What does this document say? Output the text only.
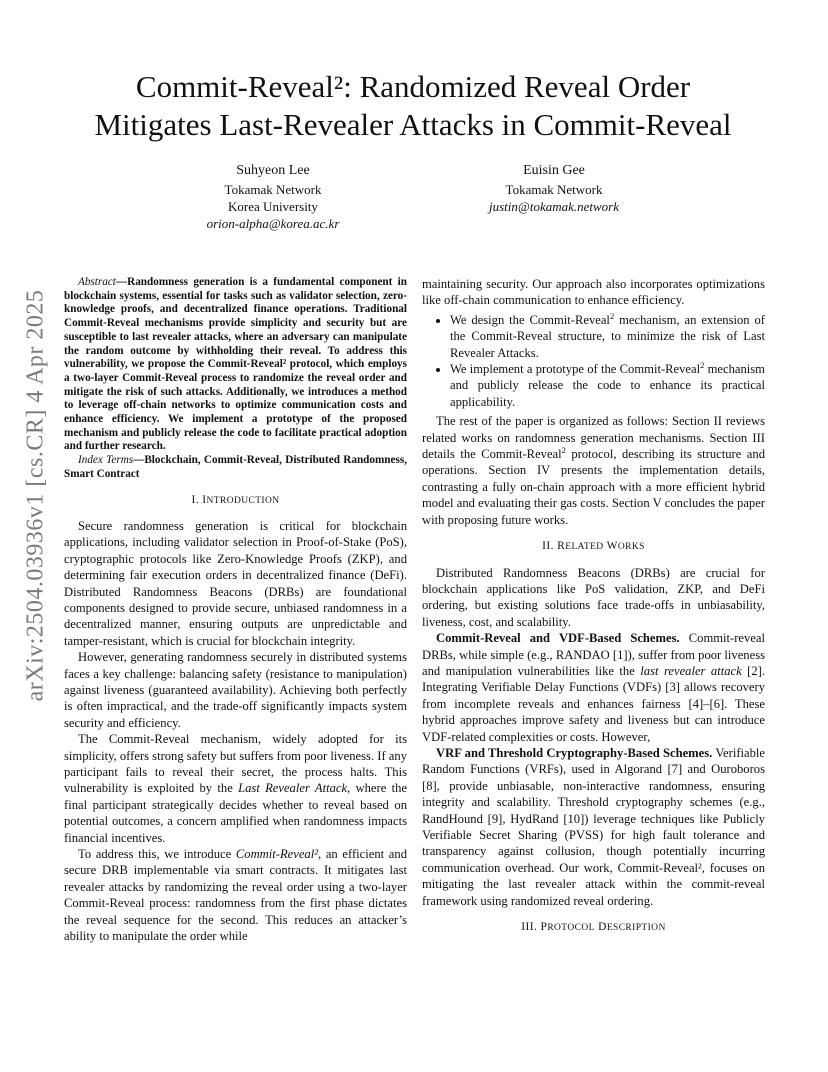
arXiv:2504.03936v1 [cs.CR] 4 Apr 2025
Commit-Reveal²: Randomized Reveal Order
Mitigates Last-Revealer Attacks in Commit-Reveal
Suhyeon Lee
Tokamak Network
Korea University
orion-alpha@korea.ac.kr
Euisin Gee
Tokamak Network
justin@tokamak.network

Abstract—Randomness generation is a fundamental component in blockchain systems, essential for tasks such as validator selection, zero-knowledge proofs, and decentralized finance operations. Traditional Commit-Reveal mechanisms provide simplicity and security but are susceptible to last revealer attacks, where an adversary can manipulate the random outcome by withholding their reveal. To address this vulnerability, we propose the Commit-Reveal² protocol, which employs a two-layer Commit-Reveal process to randomize the reveal order and mitigate the risk of such attacks. Additionally, we introduces a method to leverage off-chain networks to optimize communication costs and enhance efficiency. We implement a prototype of the proposed mechanism and publicly release the code to facilitate practical adoption and further research.

Index Terms—Blockchain, Commit-Reveal, Distributed Randomness, Smart Contract

I. INTRODUCTION

Secure randomness generation is critical for blockchain applications, including validator selection in Proof-of-Stake (PoS), cryptographic protocols like Zero-Knowledge Proofs (ZKP), and determining fair execution orders in decentralized finance (DeFi). Distributed Randomness Beacons (DRBs) are foundational components designed to provide secure, unbiased randomness in a decentralized manner, ensuring outputs are unpredictable and tamper-resistant, which is crucial for blockchain integrity.

However, generating randomness securely in distributed systems faces a key challenge: balancing safety (resistance to manipulation) against liveness (guaranteed availability). Achieving both perfectly is often impractical, and the trade-off significantly impacts system security and efficiency.

The Commit-Reveal mechanism, widely adopted for its simplicity, offers strong safety but suffers from poor liveness. If any participant fails to reveal their secret, the process halts. This vulnerability is exploited by the Last Revealer Attack, where the final participant strategically decides whether to reveal based on potential outcomes, a concern amplified when randomness impacts financial incentives.

To address this, we introduce Commit-Reveal², an efficient and secure DRB implementable via smart contracts. It mitigates last revealer attacks by randomizing the reveal order using a two-layer Commit-Reveal process: randomness from the first phase dictates the reveal sequence for the second. This reduces an attacker’s ability to manipulate the order while

maintaining security. Our approach also incorporates optimizations like off-chain communication to enhance efficiency.

• We design the Commit-Reveal$^2$ mechanism, an extension of the Commit-Reveal structure, to minimize the risk of Last Revealer Attacks.
• We implement a prototype of the Commit-Reveal$^2$ mechanism and publicly release the code to enhance its practical applicability.

The rest of the paper is organized as follows: Section II reviews related works on randomness generation mechanisms. Section III details the Commit-Reveal$^2$ protocol, describing its structure and operations. Section IV presents the implementation details, contrasting a fully on-chain approach with a more efficient hybrid model and evaluating their gas costs. Section V concludes the paper with proposing future works.

II. RELATED WORKS

Distributed Randomness Beacons (DRBs) are crucial for blockchain applications like PoS validation, ZKP, and DeFi ordering, but existing solutions face trade-offs in unbiasability, liveness, cost, and scalability.

Commit-Reveal and VDF-Based Schemes. Commit-reveal DRBs, while simple (e.g., RANDAO [1]), suffer from poor liveness and manipulation vulnerabilities like the last revealer attack [2]. Integrating Verifiable Delay Functions (VDFs) [3] allows recovery from incomplete reveals and enhances fairness [4]–[6]. These hybrid approaches improve safety and liveness but can introduce VDF-related complexities or costs. However,

VRF and Threshold Cryptography-Based Schemes. Verifiable Random Functions (VRFs), used in Algorand [7] and Ouroboros [8], provide unbiasable, non-interactive randomness, ensuring integrity and scalability. Threshold cryptography schemes (e.g., RandHound [9], HydRand [10]) leverage techniques like Publicly Verifiable Secret Sharing (PVSS) for high fault tolerance and transparency against collusion, though potentially incurring communication overhead. Our work, Commit-Reveal², focuses on mitigating the last revealer attack within the commit-reveal framework using randomized reveal ordering.

III. PROTOCOL DESCRIPTION
